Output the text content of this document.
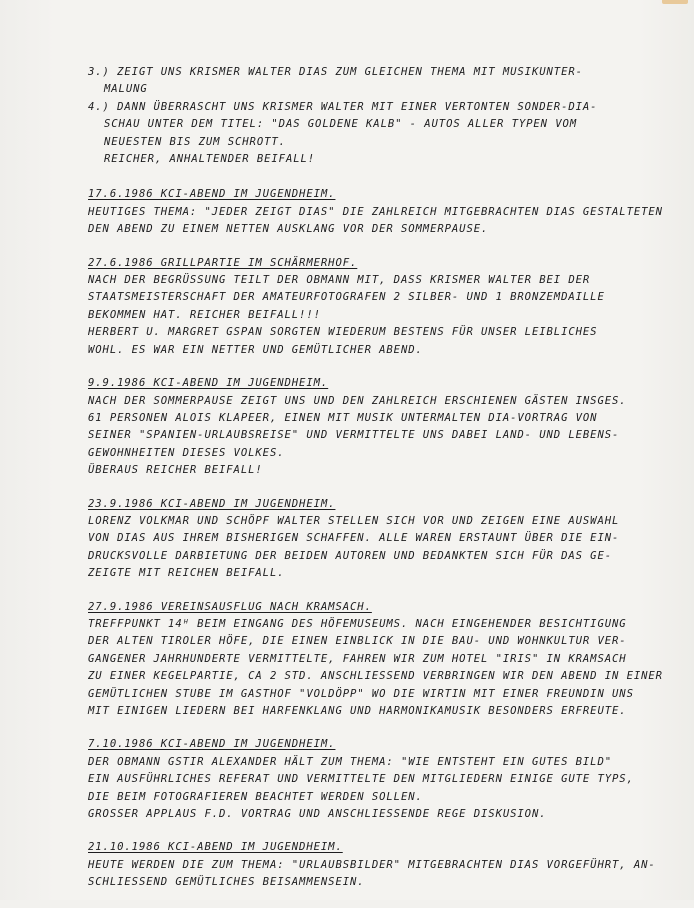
3.) ZEIGT UNS KRISMER WALTER DIAS ZUM GLEICHEN THEMA MIT MUSIKUNTER-
MALUNG
4.) DANN ÜBERRASCHT UNS KRISMER WALTER MIT EINER VERTONTEN SONDER-DIA-
SCHAU UNTER DEM TITEL: "DAS GOLDENE KALB" - AUTOS ALLER TYPEN VOM
NEUESTEN BIS ZUM SCHROTT.
REICHER, ANHALTENDER BEIFALL!
17.6.1986 KCI-ABEND IM JUGENDHEIM.
HEUTIGES THEMA: "JEDER ZEIGT DIAS" DIE ZAHLREICH MITGEBRACHTEN DIAS GESTALTETEN
DEN ABEND ZU EINEM NETTEN AUSKLANG VOR DER SOMMERPAUSE.
27.6.1986 GRILLPARTIE IM SCHÄRMERHOF.
NACH DER BEGRÜSSUNG TEILT DER OBMANN MIT, DASS KRISMER WALTER BEI DER
STAATSMEISTERSCHAFT DER AMATEURFOTOGRAFEN 2 SILBER- UND 1 BRONZEMDAILLE
BEKOMMEN HAT. REICHER BEIFALL!!!
HERBERT U. MARGRET GSPAN SORGTEN WIEDERUM BESTENS FÜR UNSER LEIBLICHES
WOHL. ES WAR EIN NETTER UND GEMÜTLICHER ABEND.
9.9.1986 KCI-ABEND IM JUGENDHEIM.
NACH DER SOMMERPAUSE ZEIGT UNS UND DEN ZAHLREICH ERSCHIENEN GÄSTEN INSGES.
61 PERSONEN ALOIS KLAPEER, EINEN MIT MUSIK UNTERMALTEN DIA-VORTRAG VON
SEINER "SPANIEN-URLAUBSREISE" UND VERMITTELTE UNS DABEI LAND- UND LEBENS-
GEWOHNHEITEN DIESES VOLKES.
ÜBERAUS REICHER BEIFALL!
23.9.1986 KCI-ABEND IM JUGENDHEIM.
LORENZ VOLKMAR UND SCHÖPF WALTER STELLEN SICH VOR UND ZEIGEN EINE AUSWAHL
VON DIAS AUS IHREM BISHERIGEN SCHAFFEN. ALLE WAREN ERSTAUNT ÜBER DIE EIN-
DRUCKSVOLLE DARBIETUNG DER BEIDEN AUTOREN UND BEDANKTEN SICH FÜR DAS GE-
ZEIGTE MIT REICHEN BEIFALL.
27.9.1986 VEREINSAUSFLUG NACH KRAMSACH.
TREFFPUNKT 14ᴴ BEIM EINGANG DES HÖFEMUSEUMS. NACH EINGEHENDER BESICHTIGUNG
DER ALTEN TIROLER HÖFE, DIE EINEN EINBLICK IN DIE BAU- UND WOHNKULTUR VER-
GANGENER JAHRHUNDERTE VERMITTELTE, FAHREN WIR ZUM HOTEL "IRIS" IN KRAMSACH
ZU EINER KEGELPARTIE, CA 2 STD. ANSCHLIESSEND VERBRINGEN WIR DEN ABEND IN EINER
GEMÜTLICHEN STUBE IM GASTHOF "VOLDÖPP" WO DIE WIRTIN MIT EINER FREUNDIN UNS
MIT EINIGEN LIEDERN BEI HARFENKLANG UND HARMONIKAMUSIK BESONDERS ERFREUTE.
7.10.1986 KCI-ABEND IM JUGENDHEIM.
DER OBMANN GSTIR ALEXANDER HÄLT ZUM THEMA: "WIE ENTSTEHT EIN GUTES BILD"
EIN AUSFÜHRLICHES REFERAT UND VERMITTELTE DEN MITGLIEDERN EINIGE GUTE TYPS,
DIE BEIM FOTOGRAFIEREN BEACHTET WERDEN SOLLEN.
GROSSER APPLAUS F.D. VORTRAG UND ANSCHLIESSENDE REGE DISKUSION.
21.10.1986 KCI-ABEND IM JUGENDHEIM.
HEUTE WERDEN DIE ZUM THEMA: "URLAUBSBILDER" MITGEBRACHTEN DIAS VORGEFÜHRT, AN-
SCHLIESSEND GEMÜTLICHES BEISAMMENSEIN.
